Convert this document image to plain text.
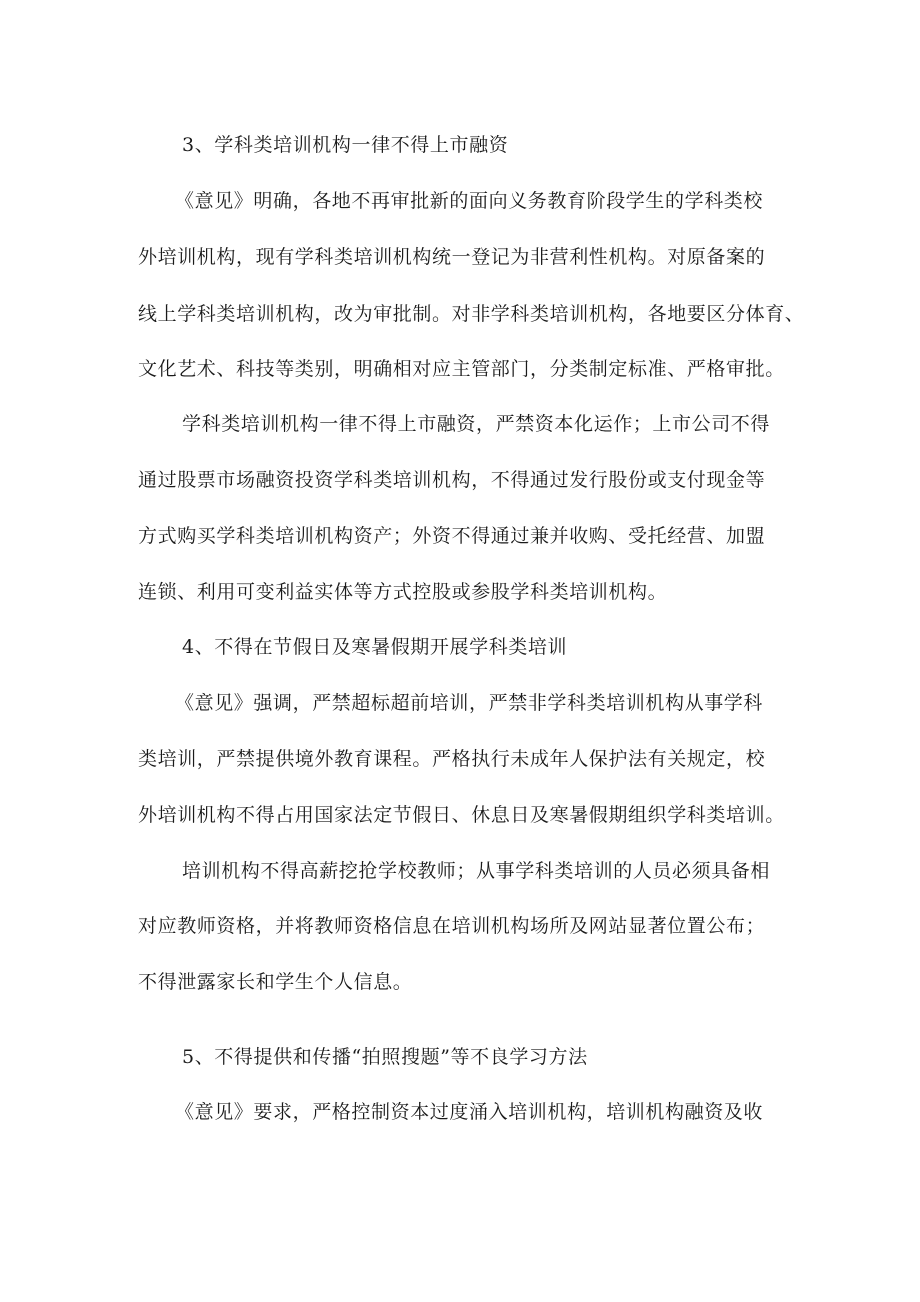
3、学科类培训机构一律不得上市融资
《意见》明确，各地不再审批新的面向义务教育阶段学生的学科类校
外培训机构，现有学科类培训机构统一登记为非营利性机构。对原备案的
线上学科类培训机构，改为审批制。对非学科类培训机构，各地要区分体育、
文化艺术、科技等类别，明确相对应主管部门，分类制定标准、严格审批。
学科类培训机构一律不得上市融资，严禁资本化运作；上市公司不得
通过股票市场融资投资学科类培训机构，不得通过发行股份或支付现金等
方式购买学科类培训机构资产；外资不得通过兼并收购、受托经营、加盟
连锁、利用可变利益实体等方式控股或参股学科类培训机构。
4、不得在节假日及寒暑假期开展学科类培训
《意见》强调，严禁超标超前培训，严禁非学科类培训机构从事学科
类培训，严禁提供境外教育课程。严格执行未成年人保护法有关规定，校
外培训机构不得占用国家法定节假日、休息日及寒暑假期组织学科类培训。
培训机构不得高薪挖抢学校教师；从事学科类培训的人员必须具备相
对应教师资格，并将教师资格信息在培训机构场所及网站显著位置公布；
不得泄露家长和学生个人信息。
5、不得提供和传播“拍照搜题”等不良学习方法
《意见》要求，严格控制资本过度涌入培训机构，培训机构融资及收
